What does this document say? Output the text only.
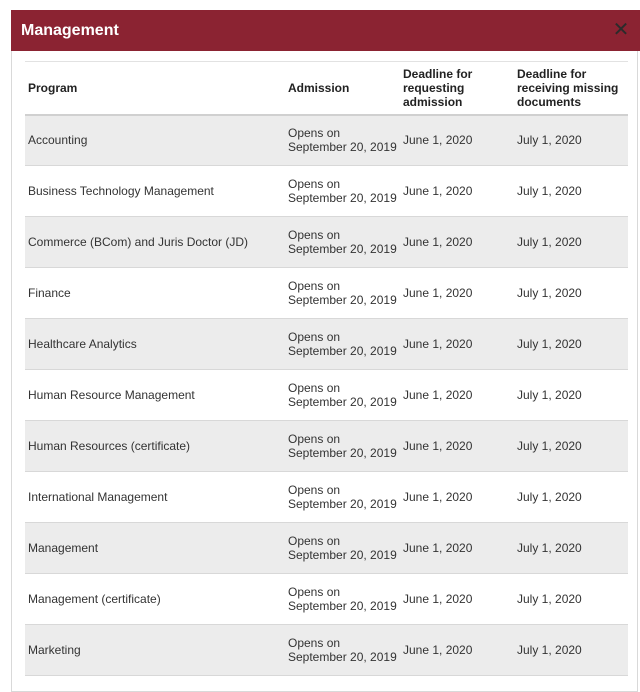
Management	✕
Program	Admission	Deadline for requesting admission	Deadline for receiving missing documents
Accounting	Opens on September 20, 2019	June 1, 2020	July 1, 2020
Business Technology Management	Opens on September 20, 2019	June 1, 2020	July 1, 2020
Commerce (BCom) and Juris Doctor (JD)	Opens on September 20, 2019	June 1, 2020	July 1, 2020
Finance	Opens on September 20, 2019	June 1, 2020	July 1, 2020
Healthcare Analytics	Opens on September 20, 2019	June 1, 2020	July 1, 2020
Human Resource Management	Opens on September 20, 2019	June 1, 2020	July 1, 2020
Human Resources (certificate)	Opens on September 20, 2019	June 1, 2020	July 1, 2020
International Management	Opens on September 20, 2019	June 1, 2020	July 1, 2020
Management	Opens on September 20, 2019	June 1, 2020	July 1, 2020
Management (certificate)	Opens on September 20, 2019	June 1, 2020	July 1, 2020
Marketing	Opens on September 20, 2019	June 1, 2020	July 1, 2020
